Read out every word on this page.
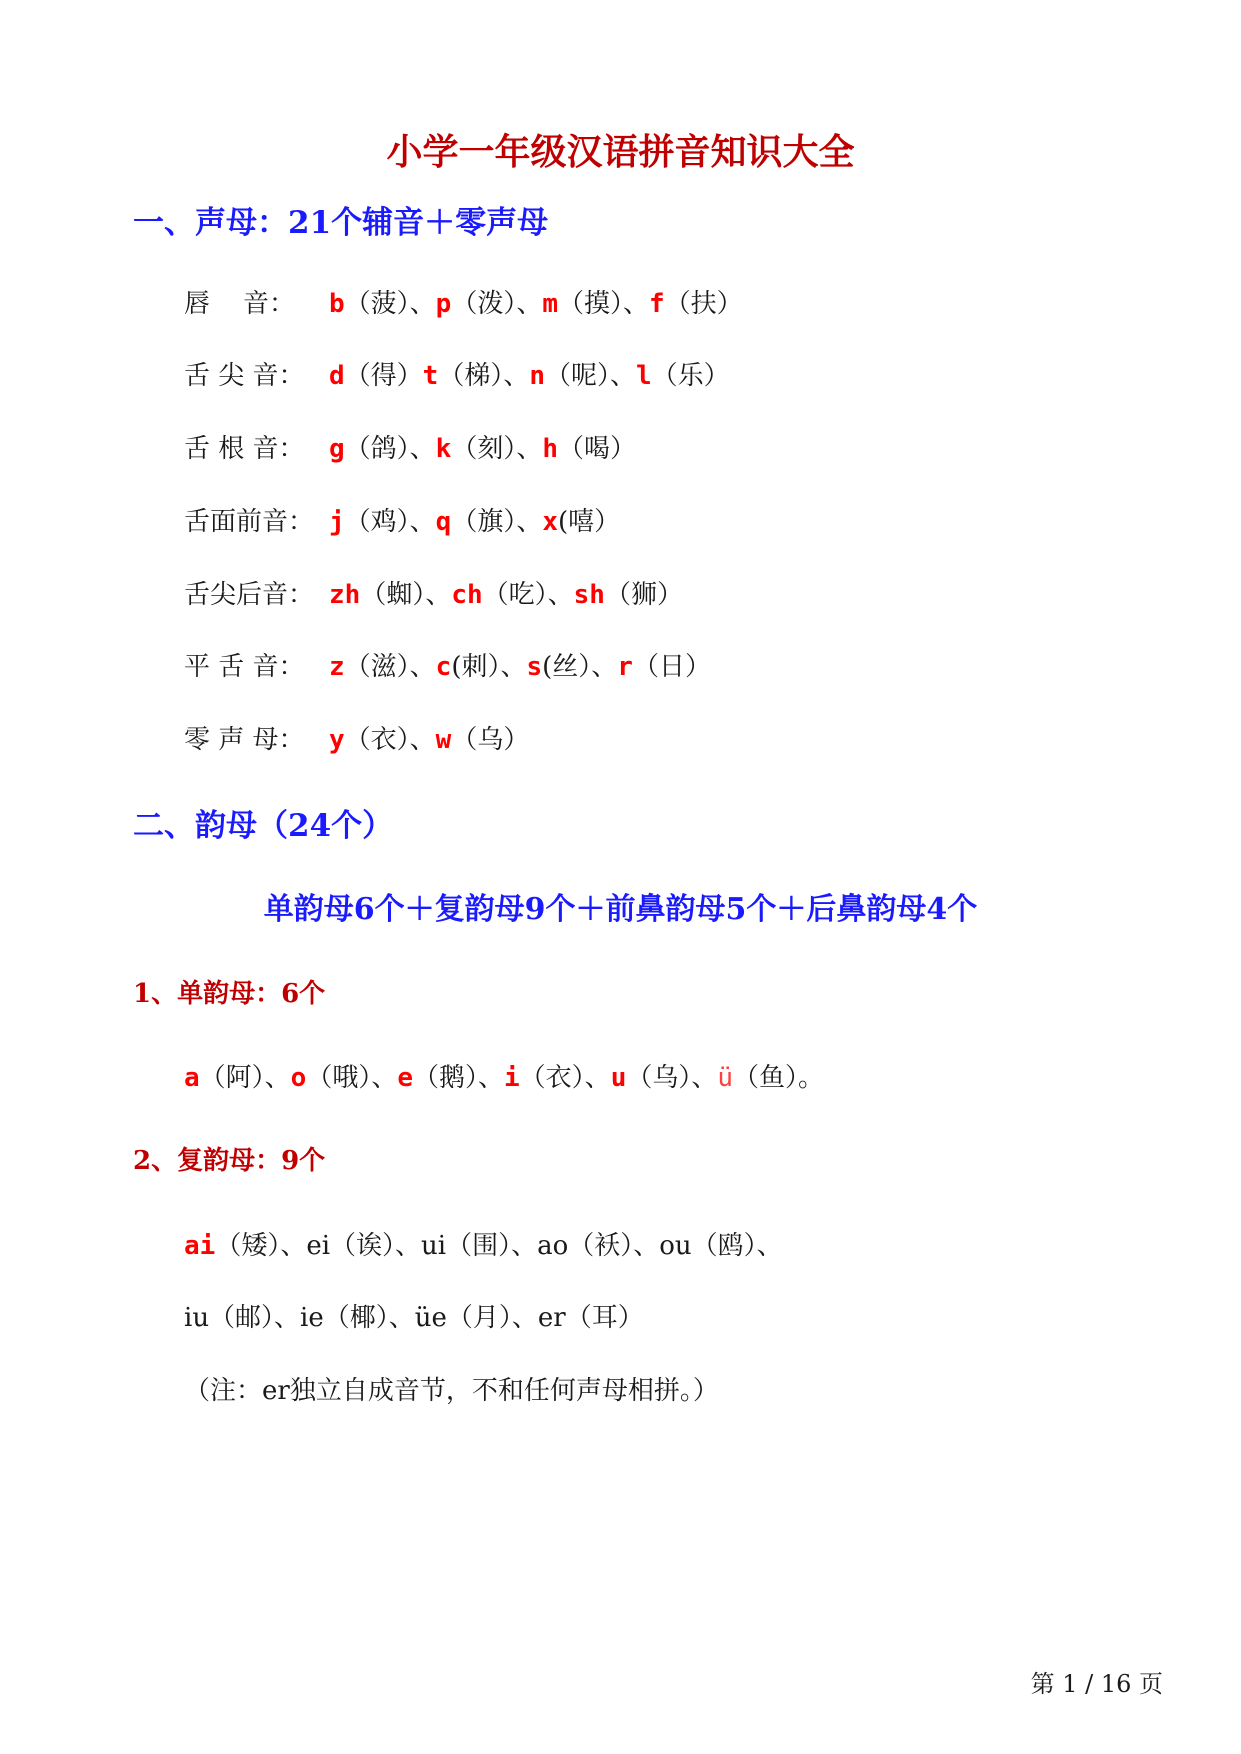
小学一年级汉语拼音知识大全
一、声母：21个辅音＋零声母
唇    音： b（菠）、p（泼）、m（摸）、f（扶）
舌 尖 音： d（得）t（梯）、n（呢）、l（乐）
舌 根 音： g（鸽）、k（刻）、h（喝）
舌面前音： j（鸡）、q（旗）、x(嘻）
舌尖后音： zh（蜘）、ch（吃）、sh（狮）
平 舌 音： z（滋）、c(刺）、s(丝）、r（日）
零 声 母： y（衣）、w（乌）
二、韵母（24个）
单韵母6个＋复韵母9个＋前鼻韵母5个＋后鼻韵母4个
1、单韵母：6个
a（阿）、o（哦）、e（鹅）、i（衣）、u（乌）、ü（鱼）。
2、复韵母：9个
ai（矮）、ei（诶）、ui（围）、ao（袄）、ou（鸥）、
iu（邮）、ie（椰）、üe（月）、er（耳）
（注：er独立自成音节，不和任何声母相拼。）
第 1 / 16 页
